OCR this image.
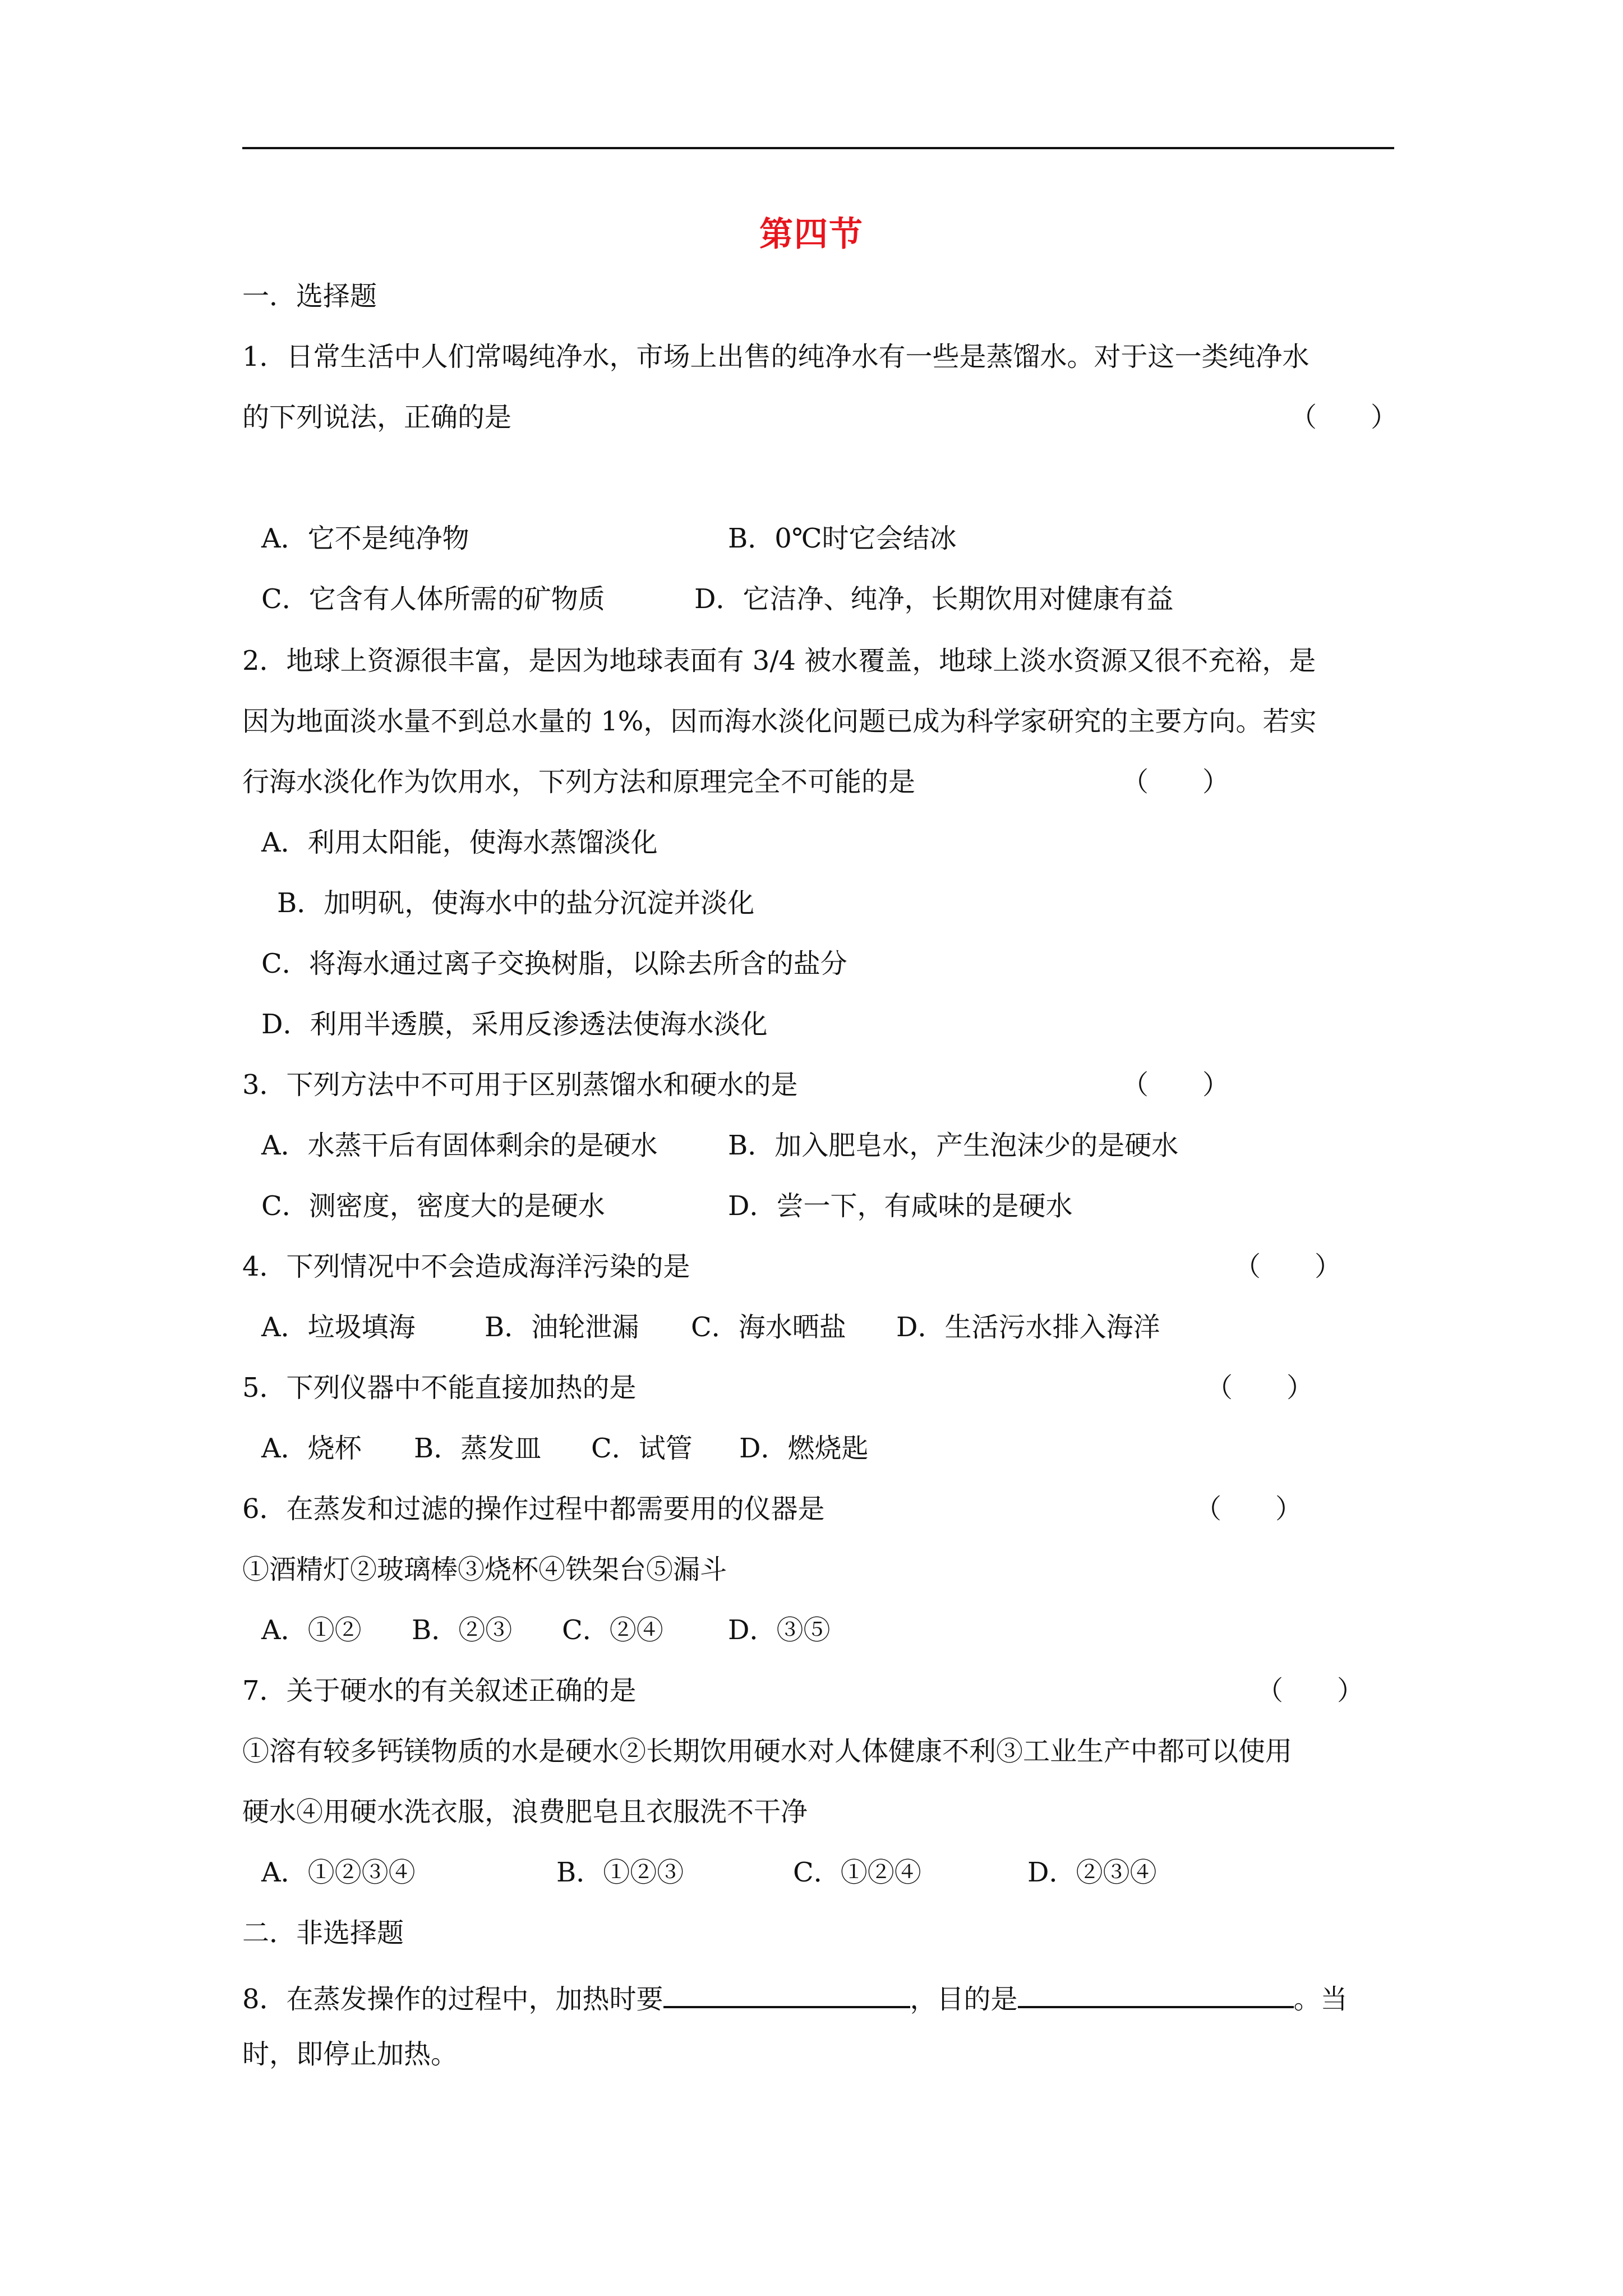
第四节
一．选择题
1．日常生活中人们常喝纯净水，市场上出售的纯净水有一些是蒸馏水。对于这一类纯净水
的下列说法，正确的是	（　　）
A．它不是纯净物	B．0℃时它会结冰
C．它含有人体所需的矿物质	D．它洁净、纯净，长期饮用对健康有益
2．地球上资源很丰富，是因为地球表面有 3/4 被水覆盖，地球上淡水资源又很不充裕，是
因为地面淡水量不到总水量的 1%，因而海水淡化问题已成为科学家研究的主要方向。若实
行海水淡化作为饮用水，下列方法和原理完全不可能的是	（　　）
A．利用太阳能，使海水蒸馏淡化
B．加明矾，使海水中的盐分沉淀并淡化
C．将海水通过离子交换树脂，以除去所含的盐分
D．利用半透膜，采用反渗透法使海水淡化
3．下列方法中不可用于区别蒸馏水和硬水的是	（　　）
A．水蒸干后有固体剩余的是硬水	B．加入肥皂水，产生泡沫少的是硬水
C．测密度，密度大的是硬水	D．尝一下，有咸味的是硬水
4．下列情况中不会造成海洋污染的是	（　　）
A．垃圾填海	B．油轮泄漏 C．海水晒盐 D．生活污水排入海洋
5．下列仪器中不能直接加热的是	（　　）
A．烧杯 B．蒸发皿 C．试管 D．燃烧匙
6．在蒸发和过滤的操作过程中都需要用的仪器是	（　　）
①酒精灯②玻璃棒③烧杯④铁架台⑤漏斗
A．①② B．②③ C．②④ D．③⑤
7．关于硬水的有关叙述正确的是	（　　）
①溶有较多钙镁物质的水是硬水②长期饮用硬水对人体健康不利③工业生产中都可以使用
硬水④用硬水洗衣服，浪费肥皂且衣服洗不干净
A．①②③④	B．①②③	C．①②④	D．②③④
二．非选择题
8．在蒸发操作的过程中，加热时要	，目的是	。当
时，即停止加热。
